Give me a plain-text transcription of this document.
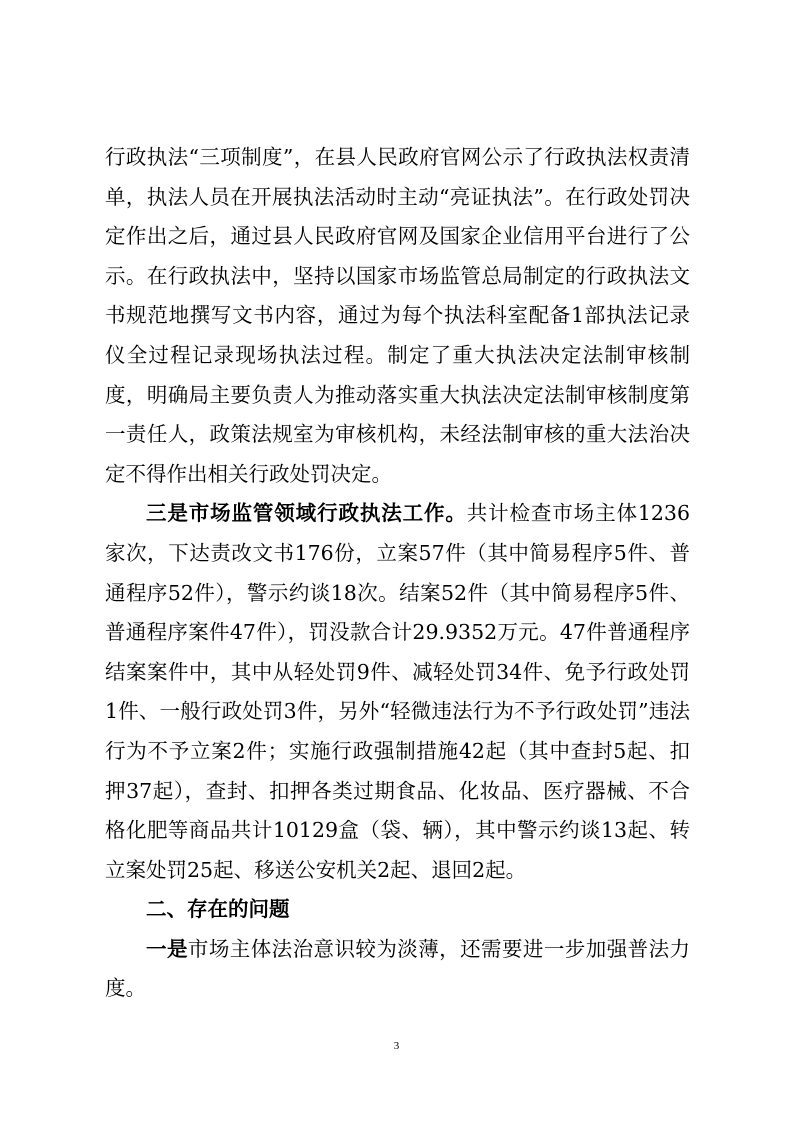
行政执法“三项制度”，在县人民政府官网公示了行政执法权责清单，执法人员在开展执法活动时主动“亮证执法”。在行政处罚决定作出之后，通过县人民政府官网及国家企业信用平台进行了公示。在行政执法中，坚持以国家市场监管总局制定的行政执法文书规范地撰写文书内容，通过为每个执法科室配备1部执法记录仪全过程记录现场执法过程。制定了重大执法决定法制审核制度，明确局主要负责人为推动落实重大执法决定法制审核制度第一责任人，政策法规室为审核机构，未经法制审核的重大法治决定不得作出相关行政处罚决定。

三是市场监管领域行政执法工作。共计检查市场主体1236家次，下达责改文书176份，立案57件（其中简易程序5件、普通程序52件），警示约谈18次。结案52件（其中简易程序5件、普通程序案件47件），罚没款合计29.9352万元。47件普通程序结案案件中，其中从轻处罚9件、减轻处罚34件、免予行政处罚1件、一般行政处罚3件，另外“轻微违法行为不予行政处罚”违法行为不予立案2件；实施行政强制措施42起（其中查封5起、扣押37起），查封、扣押各类过期食品、化妆品、医疗器械、不合格化肥等商品共计10129盒（袋、辆），其中警示约谈13起、转立案处罚25起、移送公安机关2起、退回2起。

二、存在的问题

一是市场主体法治意识较为淡薄，还需要进一步加强普法力度。

3
